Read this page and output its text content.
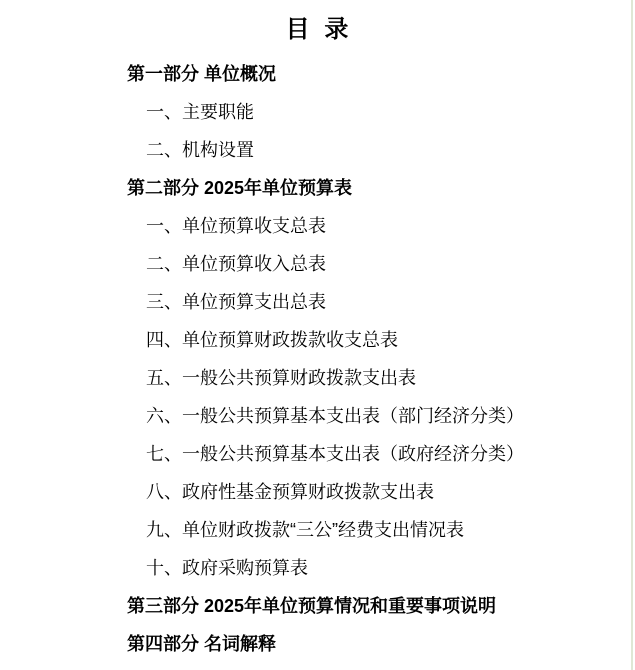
目 录
第一部分 单位概况
一、主要职能
二、机构设置
第二部分 2025年单位预算表
一、单位预算收支总表
二、单位预算收入总表
三、单位预算支出总表
四、单位预算财政拨款收支总表
五、一般公共预算财政拨款支出表
六、一般公共预算基本支出表（部门经济分类）
七、一般公共预算基本支出表（政府经济分类）
八、政府性基金预算财政拨款支出表
九、单位财政拨款“三公”经费支出情况表
十、政府采购预算表
第三部分 2025年单位预算情况和重要事项说明
第四部分 名词解释
